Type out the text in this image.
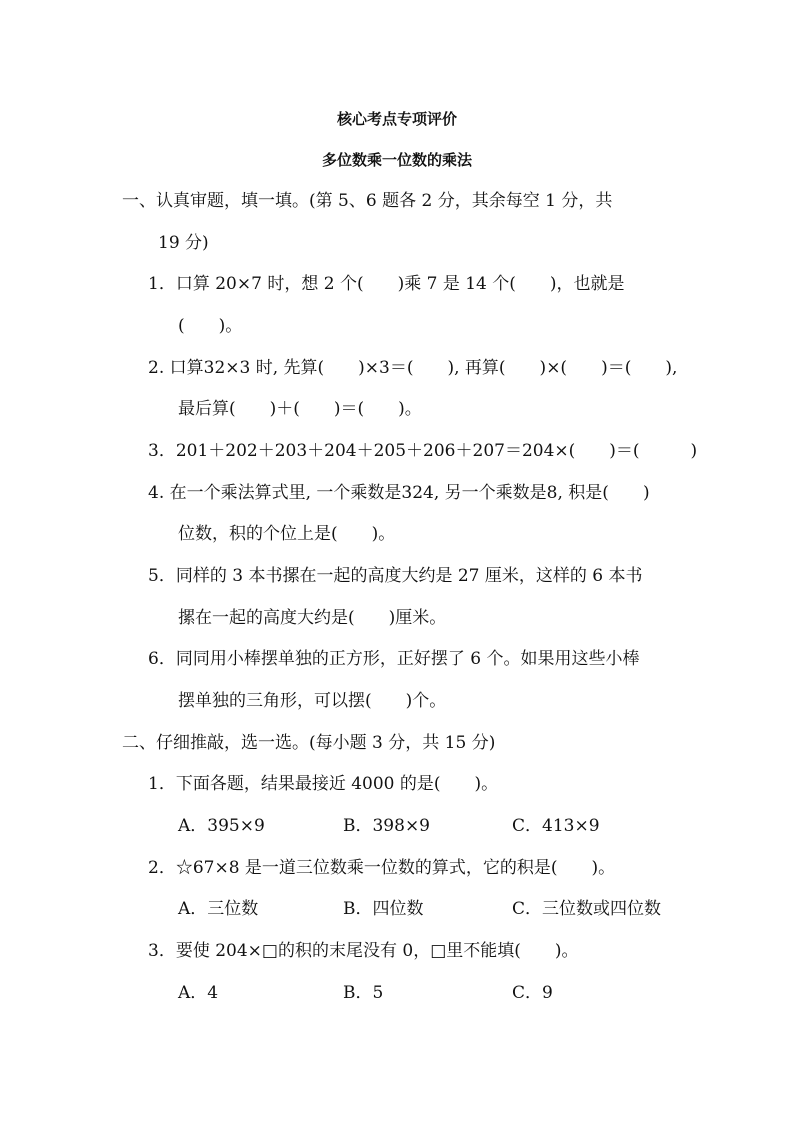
核心考点专项评价
多位数乘一位数的乘法
一、认真审题，填一填。(第 5、6 题各 2 分，其余每空 1 分，共
19 分)
1．口算 20×7 时，想 2 个(　　)乘 7 是 14 个(　　)，也就是
(　　)。
2. 口算32×3 时, 先算(　　)×3＝(　　), 再算(　　)×(　　)＝(　　),
最后算(　　)＋(　　)＝(　　)。
3．201＋202＋203＋204＋205＋206＋207＝204×(　　)＝(　　　)
4. 在一个乘法算式里, 一个乘数是324, 另一个乘数是8, 积是(　　)
位数，积的个位上是(　　)。
5．同样的 3 本书摞在一起的高度大约是 27 厘米，这样的 6 本书
摞在一起的高度大约是(　　)厘米。
6．同同用小棒摆单独的正方形，正好摆了 6 个。如果用这些小棒
摆单独的三角形，可以摆(　　)个。
二、仔细推敲，选一选。(每小题 3 分，共 15 分)
1．下面各题，结果最接近 4000 的是(　　)。
A．395×9	B．398×9	C．413×9
2．☆67×8 是一道三位数乘一位数的算式，它的积是(　　)。
A．三位数	B．四位数	C．三位数或四位数
3．要使 204×□的积的末尾没有 0，□里不能填(　　)。
A．4	B．5	C．9
